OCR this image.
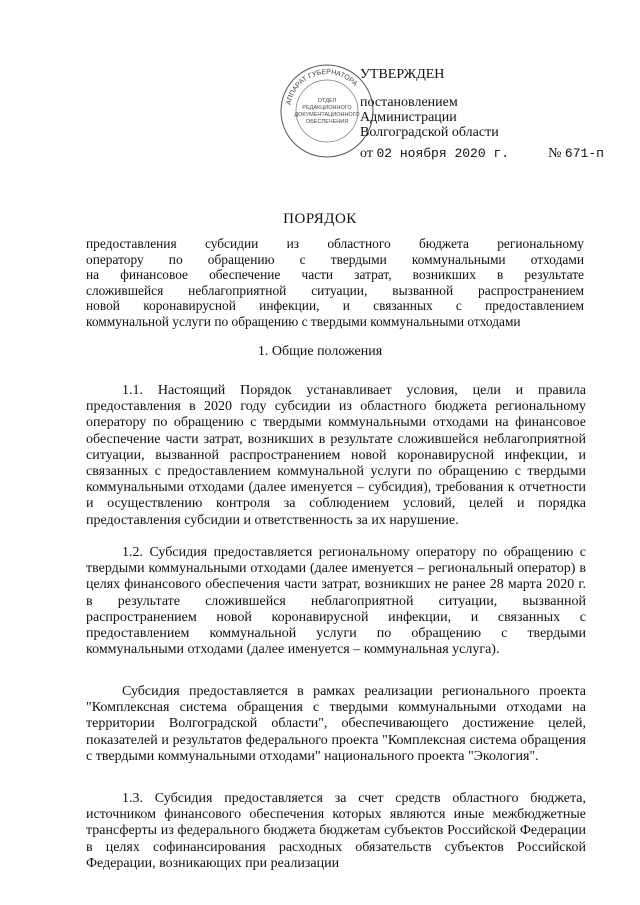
АППАРАТ ГУБЕРНАТОРА
ОТДЕЛ
РЕДАКЦИОННОГО
ДОКУМЕНТАЦИОННОГО
ОБЕСПЕЧЕНИЯ
УТВЕРЖДЕН
постановлением
Администрации
Волгоградской области
от 02 ноября 2020 г.	№ 671-п
ПОРЯДОК
предоставления субсидии из областного бюджета региональному
оператору по обращению с твердыми коммунальными отходами
на финансовое обеспечение части затрат, возникших в результате
сложившейся неблагоприятной ситуации, вызванной распространением
новой коронавирусной инфекции, и связанных с предоставлением
коммунальной услуги по обращению с твердыми коммунальными отходами
1. Общие положения

1.1. Настоящий Порядок устанавливает условия, цели и правила предоставления в 2020 году субсидии из областного бюджета региональному оператору по обращению с твердыми коммунальными отходами на финансовое обеспечение части затрат, возникших в результате сложившейся неблагоприятной ситуации, вызванной распространением новой коронавирусной инфекции, и связанных с предоставлением коммунальной услуги по обращению с твердыми коммунальными отходами (далее именуется – субсидия), требования к отчетности и осуществлению контроля за соблюдением условий, целей и порядка предоставления субсидии и ответственность за их нарушение.

1.2. Субсидия предоставляется региональному оператору по обращению с твердыми коммунальными отходами (далее именуется – региональный оператор) в целях финансового обеспечения части затрат, возникших не ранее 28 марта 2020 г. в результате сложившейся неблагоприятной ситуации, вызванной распространением новой коронавирусной инфекции, и связанных с предоставлением коммунальной услуги по обращению с твердыми коммунальными отходами (далее именуется – коммунальная услуга).

Субсидия предоставляется в рамках реализации регионального проекта "Комплексная система обращения с твердыми коммунальными отходами на территории Волгоградской области", обеспечивающего достижение целей, показателей и результатов федерального проекта "Комплексная система обращения с твердыми коммунальными отходами" национального проекта "Экология".

1.3. Субсидия предоставляется за счет средств областного бюджета, источником финансового обеспечения которых являются иные межбюджетные трансферты из федерального бюджета бюджетам субъектов Российской Федерации в целях софинансирования расходных обязательств субъектов Российской Федерации, возникающих при реализации
